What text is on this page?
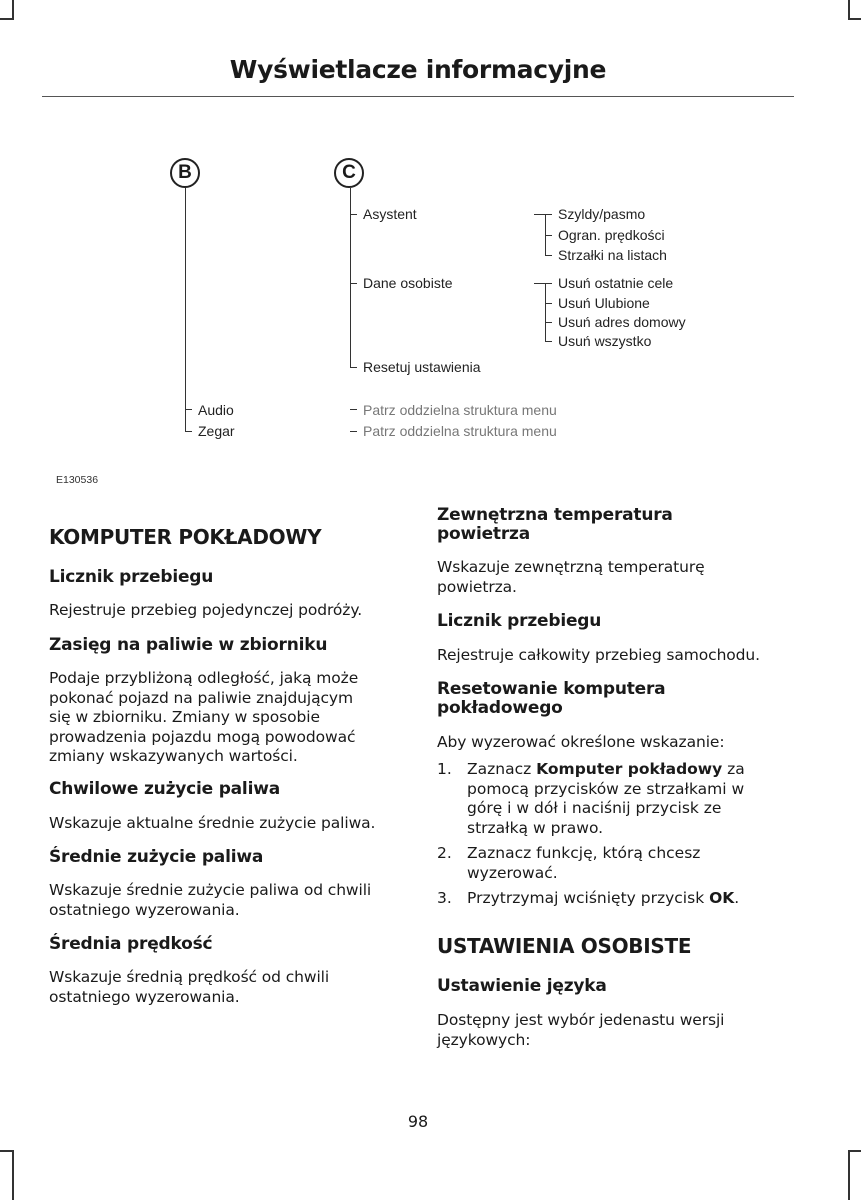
Wyświetlacze informacyjne
B	C
Audio
Zegar
Patrz oddzielna struktura menu
Patrz oddzielna struktura menu
Asystent
Dane osobiste
Resetuj ustawienia
Szyldy/pasmo
Ogran. prędkości
Strzałki na listach
Usuń ostatnie cele
Usuń Ulubione
Usuń adres domowy
Usuń wszystko
E130536
KOMPUTER POKŁADOWY
Licznik przebiegu

Rejestruje przebieg pojedynczej podróży.

Zasięg na paliwie w zbiorniku

Podaje przybliżoną odległość, jaką może
pokonać pojazd na paliwie znajdującym
się w zbiorniku. Zmiany w sposobie
prowadzenia pojazdu mogą powodować
zmiany wskazywanych wartości.

Chwilowe zużycie paliwa

Wskazuje aktualne średnie zużycie paliwa.

Średnie zużycie paliwa

Wskazuje średnie zużycie paliwa od chwili
ostatniego wyzerowania.

Średnia prędkość

Wskazuje średnią prędkość od chwili
ostatniego wyzerowania.

Zewnętrzna temperatura
powietrza

Wskazuje zewnętrzną temperaturę
powietrza.

Licznik przebiegu

Rejestruje całkowity przebieg samochodu.

Resetowanie komputera
pokładowego

Aby wyzerować określone wskazanie:

1. Zaznacz Komputer pokładowy za
pomocą przycisków ze strzałkami w
górę i w dół i naciśnij przycisk ze
strzałką w prawo.
2. Zaznacz funkcję, którą chcesz
wyzerować.
3. Przytrzymaj wciśnięty przycisk OK.
USTAWIENIA OSOBISTE
Ustawienie języka

Dostępny jest wybór jedenastu wersji
językowych:

98
